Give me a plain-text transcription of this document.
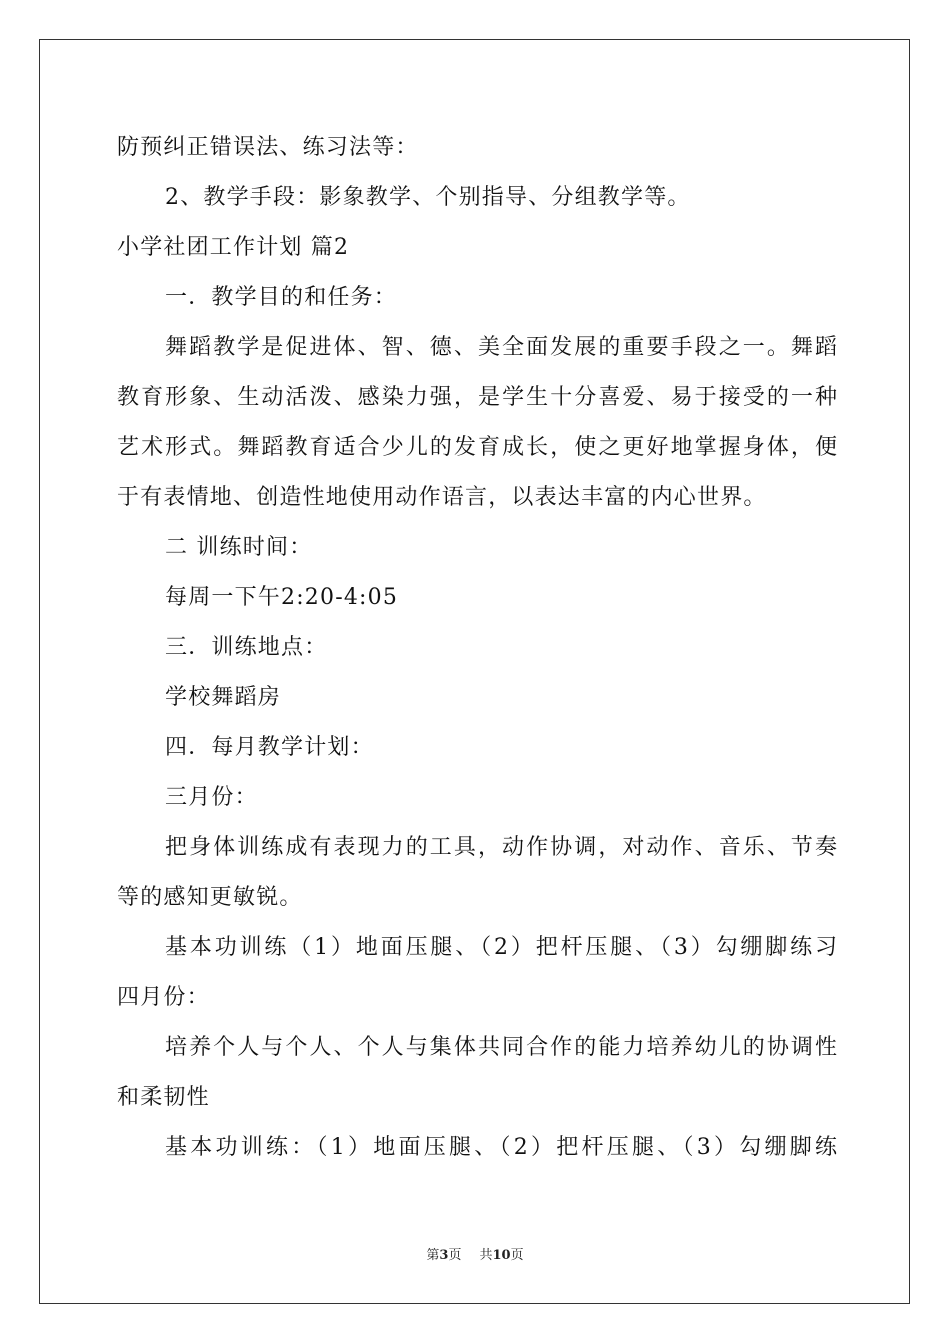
防预纠正错误法、练习法等：
2、教学手段：影象教学、个别指导、分组教学等。
小学社团工作计划 篇2
一．教学目的和任务：
舞蹈教学是促进体、智、德、美全面发展的重要手段之一。舞蹈
教育形象、生动活泼、感染力强，是学生十分喜爱、易于接受的一种
艺术形式。舞蹈教育适合少儿的发育成长，使之更好地掌握身体，便
于有表情地、创造性地使用动作语言，以表达丰富的内心世界。
二 训练时间：
每周一下午2:20-4:05
三．训练地点：
学校舞蹈房
四．每月教学计划：
三月份：
把身体训练成有表现力的工具，动作协调，对动作、音乐、节奏
等的感知更敏锐。
基本功训练（1）地面压腿、（2）把杆压腿、（3）勾绷脚练习
四月份：
培养个人与个人、个人与集体共同合作的能力培养幼儿的协调性
和柔韧性
基本功训练：（1）地面压腿、（2）把杆压腿、（3）勾绷脚练
第3页 共10页
